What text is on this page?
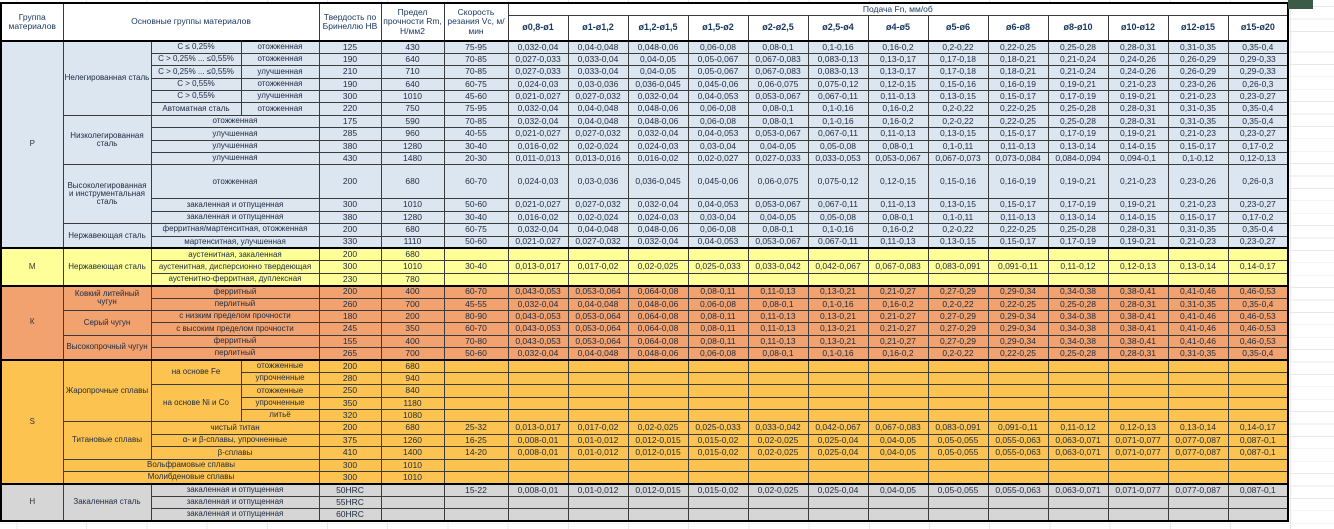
Группа материалов	Основные группы материалов			Твердость по Бринеллю HB	Предел прочности Rm, Н/мм2	Скорость резания Vc, м/мин	Подача Fn, мм/об												
							ø0,8-ø1	ø1-ø1,2	ø1,2-ø1,5	ø1,5-ø2	ø2-ø2,5	ø2,5-ø4	ø4-ø5	ø5-ø6	ø6-ø8	ø8-ø10	ø10-ø12	ø12-ø15	ø15-ø20
Р	Нелегированная сталь	С ≤ 0,25%	отожженная	125	430	75-95	0,032-0,04	0,04-0,048	0,048-0,06	0,06-0,08	0,08-0,1	0,1-0,16	0,16-0,2	0,2-0,22	0,22-0,25	0,25-0,28	0,28-0,31	0,31-0,35	0,35-0,4
		С > 0,25% ... ≤0,55%	отожженная	190	640	70-85	0,027-0,033	0,033-0,04	0,04-0,05	0,05-0,067	0,067-0,083	0,083-0,13	0,13-0,17	0,17-0,18	0,18-0,21	0,21-0,24	0,24-0,26	0,26-0,29	0,29-0,33
		С > 0,25% ... ≤0,55%	улучшенная	210	710	70-85	0,027-0,033	0,033-0,04	0,04-0,05	0,05-0,067	0,067-0,083	0,083-0,13	0,13-0,17	0,17-0,18	0,18-0,21	0,21-0,24	0,24-0,26	0,26-0,29	0,29-0,33
		С > 0,55%	отожженная	190	640	60-75	0,024-0,03	0,03-0,036	0,036-0,045	0,045-0,06	0,06-0,075	0,075-0,12	0,12-0,15	0,15-0,16	0,16-0,19	0,19-0,21	0,21-0,23	0,23-0,26	0,26-0,3
		С > 0,55%	улучшенная	300	1010	45-60	0,021-0,027	0,027-0,032	0,032-0,04	0,04-0,053	0,053-0,067	0,067-0,11	0,11-0,13	0,13-0,15	0,15-0,17	0,17-0,19	0,19-0,21	0,21-0,23	0,23-0,27
		Автоматная сталь	отожженная	220	750	75-95	0,032-0,04	0,04-0,048	0,048-0,06	0,06-0,08	0,08-0,1	0,1-0,16	0,16-0,2	0,2-0,22	0,22-0,25	0,25-0,28	0,28-0,31	0,31-0,35	0,35-0,4
	Низколегированная сталь	отожженная		175	590	70-85	0,032-0,04	0,04-0,048	0,048-0,06	0,06-0,08	0,08-0,1	0,1-0,16	0,16-0,2	0,2-0,22	0,22-0,25	0,25-0,28	0,28-0,31	0,31-0,35	0,35-0,4
		улучшенная		285	960	40-55	0,021-0,027	0,027-0,032	0,032-0,04	0,04-0,053	0,053-0,067	0,067-0,11	0,11-0,13	0,13-0,15	0,15-0,17	0,17-0,19	0,19-0,21	0,21-0,23	0,23-0,27
		улучшенная		380	1280	30-40	0,016-0,02	0,02-0,024	0,024-0,03	0,03-0,04	0,04-0,05	0,05-0,08	0,08-0,1	0,1-0,11	0,11-0,13	0,13-0,14	0,14-0,15	0,15-0,17	0,17-0,2
		улучшенная		430	1480	20-30	0,011-0,013	0,013-0,016	0,016-0,02	0,02-0,027	0,027-0,033	0,033-0,053	0,053-0,067	0,067-0,073	0,073-0,084	0,084-0,094	0,094-0,1	0,1-0,12	0,12-0,13
	Высоколегированная и инструментальная сталь	отожженная		200	680	60-70	0,024-0,03	0,03-0,036	0,036-0,045	0,045-0,06	0,06-0,075	0,075-0,12	0,12-0,15	0,15-0,16	0,16-0,19	0,19-0,21	0,21-0,23	0,23-0,26	0,26-0,3
		закаленная и отпущенная		300	1010	50-60	0,021-0,027	0,027-0,032	0,032-0,04	0,04-0,053	0,053-0,067	0,067-0,11	0,11-0,13	0,13-0,15	0,15-0,17	0,17-0,19	0,19-0,21	0,21-0,23	0,23-0,27
		закаленная и отпущенная		380	1280	30-40	0,016-0,02	0,02-0,024	0,024-0,03	0,03-0,04	0,04-0,05	0,05-0,08	0,08-0,1	0,1-0,11	0,11-0,13	0,13-0,14	0,14-0,15	0,15-0,17	0,17-0,2
	Нержавеющая сталь	ферритная/мартенситная, отожженная		200	680	60-75	0,032-0,04	0,04-0,048	0,048-0,06	0,06-0,08	0,08-0,1	0,1-0,16	0,16-0,2	0,2-0,22	0,22-0,25	0,25-0,28	0,28-0,31	0,31-0,35	0,35-0,4
		мартенситная, улучшенная		330	1110	50-60	0,021-0,027	0,027-0,032	0,032-0,04	0,04-0,053	0,053-0,067	0,067-0,11	0,11-0,13	0,13-0,15	0,15-0,17	0,17-0,19	0,19-0,21	0,21-0,23	0,23-0,27
М	Нержавеющая сталь	аустенитная, закаленная		200	680														
		аустенитная, дисперсионно твердеющая		300	1010	30-40	0,013-0,017	0,017-0,02	0,02-0,025	0,025-0,033	0,033-0,042	0,042-0,067	0,067-0,083	0,083-0,091	0,091-0,11	0,11-0,12	0,12-0,13	0,13-0,14	0,14-0,17
		аустенитно-ферритная, дуплексная		230	780														
К	Ковкий литейный чугун	ферритный		200	400	60-70	0,043-0,053	0,053-0,064	0,064-0,08	0,08-0,11	0,11-0,13	0,13-0,21	0,21-0,27	0,27-0,29	0,29-0,34	0,34-0,38	0,38-0,41	0,41-0,46	0,46-0,53
		перлитный		260	700	45-55	0,032-0,04	0,04-0,048	0,048-0,06	0,06-0,08	0,08-0,1	0,1-0,16	0,16-0,2	0,2-0,22	0,22-0,25	0,25-0,28	0,28-0,31	0,31-0,35	0,35-0,4
	Серый чугун	с низким пределом прочности		180	200	80-90	0,043-0,053	0,053-0,064	0,064-0,08	0,08-0,11	0,11-0,13	0,13-0,21	0,21-0,27	0,27-0,29	0,29-0,34	0,34-0,38	0,38-0,41	0,41-0,46	0,46-0,53
		с высоким пределом прочности		245	350	60-70	0,043-0,053	0,053-0,064	0,064-0,08	0,08-0,11	0,11-0,13	0,13-0,21	0,21-0,27	0,27-0,29	0,29-0,34	0,34-0,38	0,38-0,41	0,41-0,46	0,46-0,53
	Высокопрочный чугун	ферритный		155	400	70-80	0,043-0,053	0,053-0,064	0,064-0,08	0,08-0,11	0,11-0,13	0,13-0,21	0,21-0,27	0,27-0,29	0,29-0,34	0,34-0,38	0,38-0,41	0,41-0,46	0,46-0,53
		перлитный		265	700	50-60	0,032-0,04	0,04-0,048	0,048-0,06	0,06-0,08	0,08-0,1	0,1-0,16	0,16-0,2	0,2-0,22	0,22-0,25	0,25-0,28	0,28-0,31	0,31-0,35	0,35-0,4
S	Жаропрочные сплавы	на основе Fe	отожженные	200	680														
			упрочненные	280	940														
		на основе Ni и Co	отожженные	250	840														
			упрочненные	350	1180														
			литьё	320	1080														
	Титановые сплавы	чистый титан		200	680	25-32	0,013-0,017	0,017-0,02	0,02-0,025	0,025-0,033	0,033-0,042	0,042-0,067	0,067-0,083	0,083-0,091	0,091-0,11	0,11-0,12	0,12-0,13	0,13-0,14	0,14-0,17
		α- и β-сплавы, упрочненные		375	1260	16-25	0,008-0,01	0,01-0,012	0,012-0,015	0,015-0,02	0,02-0,025	0,025-0,04	0,04-0,05	0,05-0,055	0,055-0,063	0,063-0,071	0,071-0,077	0,077-0,087	0,087-0,1
		β-сплавы		410	1400	14-20	0,008-0,01	0,01-0,012	0,012-0,015	0,015-0,02	0,02-0,025	0,025-0,04	0,04-0,05	0,05-0,055	0,055-0,063	0,063-0,071	0,071-0,077	0,077-0,087	0,087-0,1
	Вольфрамовые сплавы			300	1010														
	Молибденовые сплавы			300	1010														
Н	Закаленная сталь	закаленная и отпущенная		50HRC		15-22	0,008-0,01	0,01-0,012	0,012-0,015	0,015-0,02	0,02-0,025	0,025-0,04	0,04-0,05	0,05-0,055	0,055-0,063	0,063-0,071	0,071-0,077	0,077-0,087	0,087-0,1
		закаленная и отпущенная		55HRC															
		закаленная и отпущенная		60HRC															
